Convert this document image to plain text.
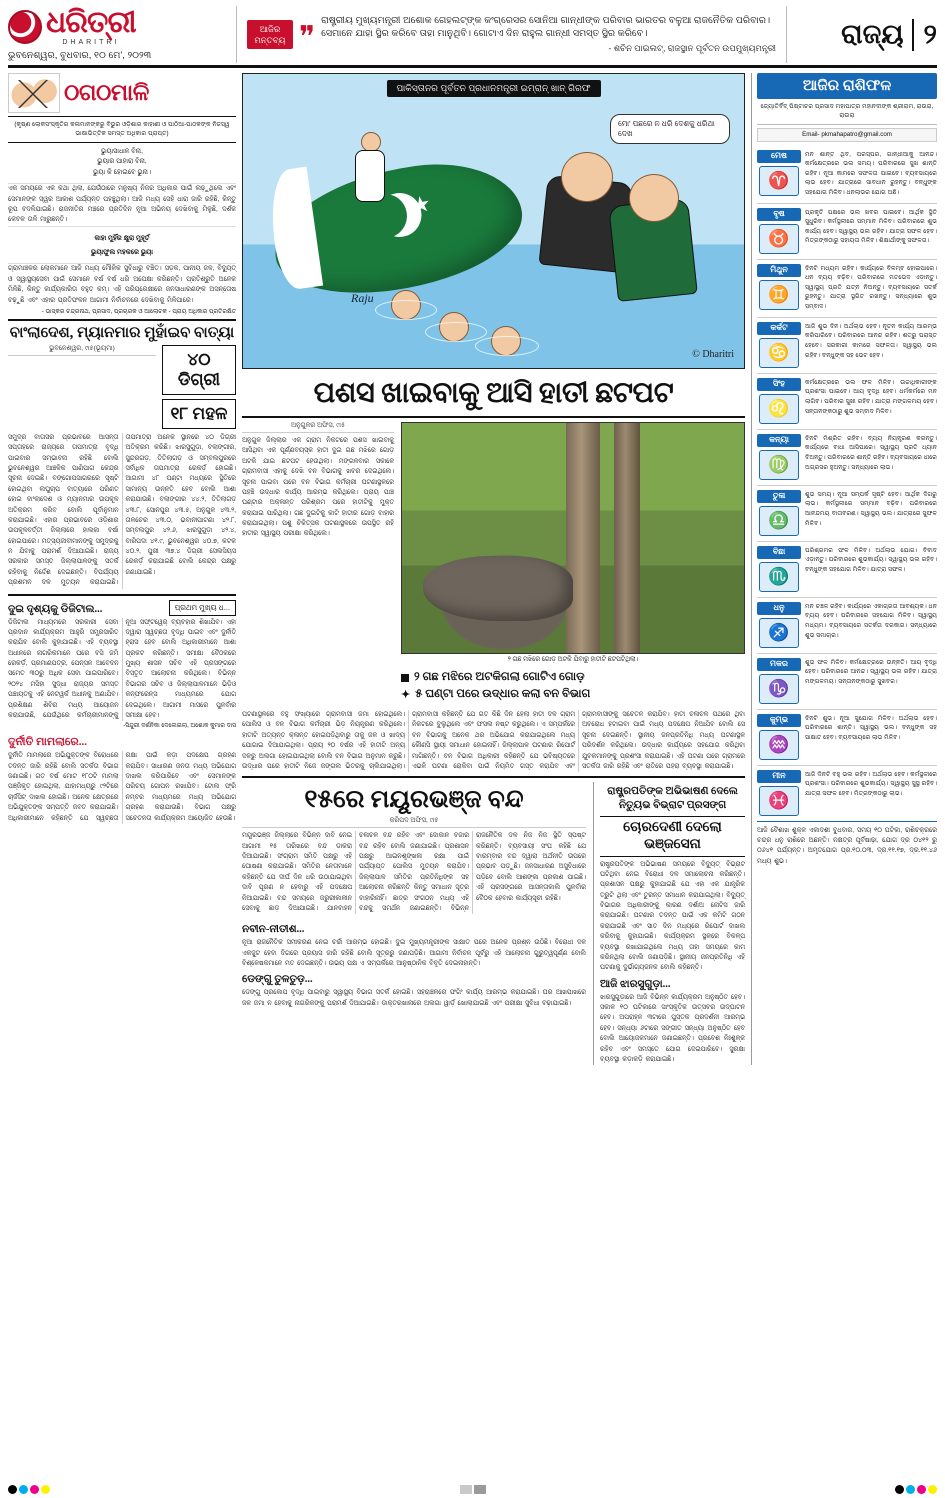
ଧରିତ୍ରୀ
DHARITRI
ଭୁବନେଶ୍ୱର, ବୁଧବାର, ୧୦ ମେ', ୨୦୨୩
ଆଜିର ମନ୍ତବ୍ୟ ❞
ରାଷ୍ଟ୍ରୀୟ ମୁଖ୍ୟମନ୍ତ୍ରୀ ଅଶୋକ ଗେହଲଟ୍‌ଙ୍କ କଂଗ୍ରେସର ସୋନିଆ ଗାନ୍ଧୀଙ୍କ ପରିବାର ଭାରତର ବଳୁଆ ରାଜନୈତିକ ପରିବାର। ସେମାନେ ଯାହା ସ୍ଥିର କରିବେ ତାହା ମାନୁଥିବି। ଗୋଟାଏ ଦିନ ରାହୁଲ ଗାନ୍ଧୀ ସମସ୍ତ ସ୍ଥିର କରିବେ।
- ଶଚିନ ପାଇଲଟ୍‌, ରାଜସ୍ଥାନ ପୂର୍ବତନ ଉପମୁଖ୍ୟମନ୍ତ୍ରୀ ରାଜ୍ୟ ୨
ଠଗଠମାଳି
(କୃଷ୍ଣ ଲୋକସଂସ୍କୃତିର କଳାମାନଙ୍କରୁ ବିଭୁର ଓଡ଼ିଶାର କାହାଣୀ ଓ ପାଠିଆ-ପାଠକଙ୍କ ନିଜସ୍ୱ ଭାଷାଭିତ୍ତିକ ସମସ୍ତ ଅଧିକାର ପ୍ରାପ୍ତ)
ଭୁୟାସାଧାନ ବିନା,
ଭୁୟାର ପାହାରା ବିନା,
ଭୁୟା କି ହୋଇବେ ଭୁନା।
ଏକ ସମୟରେ ଏକ କଥା ଥିଲା, ଯେଉଁଠାରେ ମନୁଷ୍ୟ ନିଜର ଅଧିକାର ପାଇଁ ଲଢ଼ୁଥିଲେ ଏବଂ ସେମାନଙ୍କ ସ୍ୱର ଆକାଶ ପର୍ଯ୍ୟନ୍ତ ପହଞ୍ଚୁଥିଲା। ଆଜି ମଧ୍ୟ ସେହି ଧାରା ଜାରି ରହିଛି, କିନ୍ତୁ ରୂପ ବଦଳିଯାଇଛି। ରାଜନୀତିର ମଞ୍ଚରେ ପ୍ରତିଦିନ ନୂଆ ଅଭିନୟ ଦେଖିବାକୁ ମିଳୁଛି, ଦର୍ଶକ କେବଳ ତାଳି ମାରୁଛନ୍ତି।
କାହା ମୁହିଁର କ୍ଷୁରା ମୁହୂର୍ତ
ଭୁୟାଫୁଲ ମହକରେ ଭୁୟା
ଗ୍ରାମାଞ୍ଚଳର ଲୋକମାନେ ଆଜି ମଧ୍ୟ ମୌଳିକ ସୁବିଧାରୁ ବଞ୍ଚିତ। ସଡ଼କ, ପାନୀୟ ଜଳ, ବିଦ୍ୟୁତ୍‌ ଓ ସ୍ୱାସ୍ଥ୍ୟସେବା ପାଇଁ ସେମାନେ ବର୍ଷ ବର୍ଷ ଧରି ଅପେକ୍ଷା କରିଛନ୍ତି। ପ୍ରତିଶ୍ରୁତି ଅନେକ ମିଳିଛି, କିନ୍ତୁ କାର୍ଯ୍ୟକାରିତା ବହୁତ କମ୍‌। ଏହି ପରିପ୍ରେକ୍ଷୀରେ ଜନସାଧାରଣଙ୍କ ଅସନ୍ତୋଷ ବଢ଼ୁଛି ଏବଂ ଏହାର ପ୍ରତିଫଳନ ଆଗାମୀ ନିର୍ବାଚନରେ ଦେଖିବାକୁ ମିଳିପାରେ।
- ଭାସ୍କର ଚନ୍ଦ୍ରନାଥ, ପ୍ରସାଦ, ପ୍ରଚାରକ ଓ ଆଲୋଚକ - ପ୍ରାୟ ଅଧିକାର ପ୍ରତିରକ୍ଷିତ
ବାଂଲାଦେଶ, ମ୍ୟାନମାର ମୁହାଁଇବ ବାତ୍ୟା
ଭୁବନେଶ୍ୱର, ୯ା୫(ଭୂୟମା)
୪୦ ଡିଗ୍ରୀ
୧୮ ମହଳ
ସମୁଦ୍ର ବାତାସର ପ୍ରଭାବରେ ଆସନ୍ତା ସପ୍ତାହରେ ରାଜ୍ୟରେ ତାପମାତ୍ରା ବୃଦ୍ଧି ପାଇବାର ସମ୍ଭାବନା ରହିଛି ବୋଲି ଭୁବନେଶ୍ୱର ଆଞ୍ଚଳିକ ପାଣିପାଗ କେନ୍ଦ୍ର ସୂଚନା ଦେଇଛି। ବଙ୍ଗୋପସାଗରରେ ସୃଷ୍ଟି ହୋଇଥିବା ଲଘୁଚାପ ବାତ୍ୟାରେ ପରିଣତ ହୋଇ ବାଂଲାଦେଶ ଓ ମ୍ୟାନମାର ଉପକୂଳ ଅତିକ୍ରମ କରିବ ବୋଲି ପୂର୍ବାନୁମାନ କରାଯାଇଛି। ଏହାର ପ୍ରଭାବରେ ଓଡ଼ିଶାର ଉପକୂଳବର୍ତ୍ତୀ ଜିଲ୍ଲାରେ ହାଲକା ବର୍ଷା ହୋଇପାରେ। ମତ୍ସ୍ୟଜୀବୀମାନଙ୍କୁ ସମୁଦ୍ରକୁ ନ ଯିବାକୁ ପରାମର୍ଶ ଦିଆଯାଇଛି। ରାଜ୍ୟ ସରକାର ସମସ୍ତ ଜିଲ୍ଲାପାଳଙ୍କୁ ସତର୍କ ରହିବାକୁ ନିର୍ଦ୍ଦେଶ ଦେଇଛନ୍ତି। ବିପର୍ଯ୍ୟୟ ପ୍ରଶମନ ଦଳ ମୁତୟନ କରାଯାଇଛି। ତାପମାତ୍ରା ଅନେକ ସ୍ଥାନରେ ୪୦ ଡିଗ୍ରୀ ଅତିକ୍ରମ କରିଛି। ଝାରସୁଗୁଡ଼ା, ବଲାଙ୍ଗୀର, ସୁନ୍ଦରଗଡ଼, ତିତିଲାଗଡ଼ ଓ ସମ୍ବଲପୁରରେ ସର୍ବାଧିକ ତାପମାତ୍ରା ରେକର୍ଡ଼ ହୋଇଛି। ଆଗାମୀ ୪୮ ଘଣ୍ଟା ମଧ୍ୟରେ ସ୍ଥିତିରେ ସାମାନ୍ୟ ଉନ୍ନତି ହେବ ବୋଲି ଆଶା କରାଯାଉଛି। ବଲାଙ୍ଗୀର ୪୪.୨, ତିତିଲାଗଡ଼ ୪୩.୮, ସୋନପୁର ୪୩.୫, ଅନୁଗୁଳ ୪୩.୨, ତାଳଚେର ୪୩.୦, ଭବାନୀପାଟଣା ୪୨.୮, ସମ୍ବଲପୁର ୪୨.୬, ଝାରସୁଗୁଡ଼ା ୪୨.୪, ବାରିପଦା ୪୧.୯, ଭୁବନେଶ୍ୱର ୪୦.୭, କଟକ ୪୦.୨, ପୁରୀ ୩୭.୪ ଡିଗ୍ରୀ ସେଲସିୟସ ରେକର୍ଡ଼ କରାଯାଇଛି ବୋଲି କେନ୍ଦ୍ର ପକ୍ଷରୁ ଜଣାଯାଇଛି।
ଦୁଇ ଦୃଶ୍ୟକୁ ଡିଜିଟାଲ...	ପ୍ରଥମ ମୁଖ୍ୟ ଧ...
ଡିଜିଟାଲ ମାଧ୍ୟମରେ ସରକାରୀ ସେବା ପ୍ରଦାନ କାର୍ଯ୍ୟକ୍ରମ ଆହୁରି ସମ୍ପ୍ରସାରିତ କରାଯିବ ବୋଲି କୁହାଯାଇଛି। ଏହି ବ୍ୟବସ୍ଥା ଅଧୀନରେ ନାଗରିକମାନେ ଘରେ ବସି ଜମି ରେକର୍ଡ଼, ପ୍ରମାଣପତ୍ର, ପେନ୍‌ସନ ଆବେଦନ ସମେତ ୩୦ରୁ ଅଧିକ ସେବା ପାଇପାରିବେ। ୨୦୨୪ ମସିହା ସୁଦ୍ଧା ରାଜ୍ୟର ସମସ୍ତ ପଞ୍ଚାୟତକୁ ଏହି ନେଟୱର୍କ ଅଧୀନକୁ ଅଣାଯିବ। ପ୍ରଶିକ୍ଷଣ ଶିବିର ମଧ୍ୟ ଆୟୋଜନ କରାଯାଉଛି, ଯେଉଁଥିରେ କର୍ମଚାରୀମାନଙ୍କୁ ନୂଆ ସଫ୍ଟୱେର୍ ବ୍ୟବହାର ଶିଖାଯିବ। ଏହା ଦ୍ୱାରା ସ୍ୱଚ୍ଛତା ବୃଦ୍ଧି ପାଇବ ଏବଂ ଦୁର୍ନୀତି ହ୍ରାସ ହେବ ବୋଲି ଅଧିକାରୀମାନେ ଆଶା ପ୍ରକଟ କରିଛନ୍ତି। ସମୀକ୍ଷା ବୈଠକରେ ମୁଖ୍ୟ ଶାସନ ସଚିବ ଏହି ପ୍ରସଙ୍ଗରେ ବିସ୍ତୃତ ଆଲୋଚନା କରିଥିଲେ। ବିଭିନ୍ନ ବିଭାଗର ସଚିବ ଓ ଜିଲ୍ଲାପାଳମାନେ ଭିଡ଼ିଓ କନ୍‌ଫରେନ୍‌ସ ମାଧ୍ୟମରେ ଯୋଗ ଦେଇଥିଲେ। ଆଗାମୀ ମାସରେ ପୁନର୍ବାର ସମୀକ୍ଷା ହେବ।
-ସିନ୍ଦୁରୀ ଦର୍ଶନିକା ଦେଲେଇଲା, ଅଶୋକ କୁମାର ଦାସ
ଦୁର୍ନୀତି ମାମଲାରେ...
ଦୁର୍ନୀତି ମାମଲାରେ ଅଭିଯୁକ୍ତଙ୍କ ବିରୋଧରେ ତଦନ୍ତ ଜାରି ରହିଛି ବୋଲି ସତର୍କତା ବିଭାଗ ଜଣାଇଛି। ଗତ ବର୍ଷ ମୋଟ ୧୮୦ଟି ମାମଲା ପଞ୍ଜିକୃତ ହୋଇଥିଲା, ଯାହାମଧ୍ୟରୁ ୯୨ଟିରେ ଚାର୍ଜସିଟ୍ ଦାଖଲ ହୋଇଛି। ଅନେକ କ୍ଷେତ୍ରରେ ଅଭିଯୁକ୍ତଙ୍କ ସମ୍ପତ୍ତି ଜବତ କରାଯାଇଛି। ଅଧିକାରୀମାନେ କହିଛନ୍ତି ଯେ ସ୍ୱଚ୍ଛତା ରକ୍ଷା ପାଇଁ କଡ଼ା ପଦକ୍ଷେପ ଗ୍ରହଣ କରାଯିବ। ସାଧାରଣ ଜନତା ମଧ୍ୟ ଅଭିଯୋଗ ଦାଖଲ କରିପାରିବେ ଏବଂ ସେମାନଙ୍କ ପରିଚୟ ଗୋପନ ରଖାଯିବ। ଟୋଲ ଫ୍ରି ନମ୍ବର ମାଧ୍ୟମରେ ମଧ୍ୟ ଅଭିଯୋଗ ଗ୍ରହଣ କରାଯାଉଛି। ବିଭାଗ ପକ୍ଷରୁ ସଚେତନତା କାର୍ଯ୍ୟକ୍ରମ ଆୟୋଜିତ ହେଉଛି।
ପାକିସ୍ତାନର ପୂର୍ବତନ ପ୍ରଧାନମନ୍ତ୍ରୀ ଇମ୍ରାନ୍‌ ଖାନ୍‌ ଗିରଫ
ମୋ' ପଛରେ ନ ଧରି ଦେଶକୁ ଧରିଥା ଦେଖ
★
Raju
© Dharitri
ପଶସ ଖାଇବାକୁ ଆସି ହାତୀ ଛଟପଟ
ଅନୁଗୁଳର ଅଫିସ, ୯ା୫
ଅନୁଗୁଳ ଜିଲ୍ଲାର ଏକ ଗ୍ରାମ ନିକଟରେ ପଶସ ଖାଇବାକୁ ଆସିଥିବା ଏକ ପୂର୍ଣ୍ଣବୟସ୍କ ହାତୀ ଦୁଇ ଗଛ ମଝିରେ ଗୋଡ଼ ଅଟକି ଯାଇ ଛଟପଟ ହେଉଥିଲା। ମଙ୍ଗଳବାର ସକାଳେ ଗ୍ରାମବାସୀ ଏହାକୁ ଦେଖି ବନ ବିଭାଗକୁ ଖବର ଦେଇଥିଲେ। ସୂଚନା ପାଇବା ପରେ ବନ ବିଭାଗ କର୍ମଚାରୀ ଘଟଣାସ୍ଥଳରେ ପହଞ୍ଚି ଉଦ୍ଧାର କାର୍ଯ୍ୟ ଆରମ୍ଭ କରିଥିଲେ। ପ୍ରାୟ ପାଞ୍ଚ ଘଣ୍ଟାର ଅକ୍ଳାନ୍ତ ପରିଶ୍ରମ ପରେ ହାତୀଟିକୁ ମୁକ୍ତ କରାଯାଇ ପାରିଥିଲା। ଗଛ ଦୁଇଟିକୁ କାଟି ହାତୀର ଗୋଡ଼ ବାହାର କରାଯାଇଥିଲା। ପଶୁ ଚିକିତ୍ସକ ଘଟଣାସ୍ଥଳରେ ଉପସ୍ଥିତ ରହି ହାତୀର ସ୍ୱାସ୍ଥ୍ୟ ପରୀକ୍ଷା କରିଥିଲେ।
୨ ଗଛ ମଝିରେ ଗୋଡ଼ ଅଟକି ଯିବାରୁ ହାତୀଟି ଛଟପଟିଥିଲା।
୨ ଗଛ ମଝିରେ ଅଟକିଗଲା ଗୋଟିଏ ଗୋଡ଼
✦ ୫ ଘଣ୍ଟା ପରେ ଉଦ୍ଧାର କଲା ବନ ବିଭାଗ
ଘଟଣାସ୍ଥଳରେ ବହୁ ସଂଖ୍ୟାରେ ଗ୍ରାମବାସୀ ଜମା ହୋଇଥିଲେ। ପୋଲିସ ଓ ବନ ବିଭାଗ କର୍ମଚାରୀ ଭିଡ଼ ନିୟନ୍ତ୍ରଣ କରିଥିଲେ। ହାତୀଟି ଅତ୍ୟନ୍ତ କ୍ଳାନ୍ତ ହୋଇପଡ଼ିଥିବାରୁ ତାକୁ ଜଳ ଓ ଖାଦ୍ୟ ଯୋଗାଇ ଦିଆଯାଇଥିଲା। ପ୍ରାୟ ୨୦ ବର୍ଷର ଏହି ହାତୀଟି ଅନ୍ୟ ଦଳରୁ ଅଲଗା ହୋଇଯାଇଥିଲା ବୋଲି ବନ ବିଭାଗ ଅନୁମାନ କରୁଛି। ଉଦ୍ଧାର ପରେ ହାତୀଟି ନିଜେ ଜଙ୍ଗଲ ଭିତରକୁ ଚାଲିଯାଇଥିଲା। ଗ୍ରାମବାସୀ କହିଛନ୍ତି ଯେ ଗତ କିଛି ଦିନ ହେଲା ହାତୀ ଦଳ ଗ୍ରାମ ନିକଟରେ ବୁଲୁଥିଲେ ଏବଂ ଫସଲ ନଷ୍ଟ କରୁଥିଲେ। ଏ ସମ୍ପର୍କରେ ବନ ବିଭାଗକୁ ଅନେକ ଥର ଅଭିଯୋଗ କରାଯାଇଥିଲେ ମଧ୍ୟ କୌଣସି ସ୍ଥାୟୀ ସମାଧାନ ହୋଇନାହିଁ। ଜିଲ୍ଲାପାଳ ଘଟଣାର ରିପୋର୍ଟ ମାଗିଛନ୍ତି। ବନ ବିଭାଗ ଅଧିକାରୀ କହିଛନ୍ତି ଯେ ଭବିଷ୍ୟତରେ ଏଭଳି ଘଟଣା ରୋକିବା ପାଇଁ ନିୟମିତ ଗସ୍ତ କରାଯିବ ଏବଂ ଗ୍ରାମବାସୀଙ୍କୁ ସଚେତନ କରାଯିବ। ହାତୀ ଚଳାଚଳ ପଥରେ ଥିବା ଅବରୋଧ ହଟାଇବା ପାଇଁ ମଧ୍ୟ ପଦକ୍ଷେପ ନିଆଯିବ ବୋଲି ସେ ସୂଚନା ଦେଇଛନ୍ତି। ସ୍ଥାନୀୟ ଜନପ୍ରତିନିଧି ମଧ୍ୟ ଘଟଣାସ୍ଥଳ ପରିଦର୍ଶନ କରିଥିଲେ। ଉଦ୍ଧାର କାର୍ଯ୍ୟରେ ସହଯୋଗ କରିଥିବା ଯୁବକମାନଙ୍କୁ ପ୍ରଶଂସା କରାଯାଇଛି। ଏହି ଘଟଣା ପରେ ଗ୍ରାମରେ ସତର୍କତା ଜାରି ରହିଛି ଏବଂ ରାତିରେ ପହରା ବ୍ୟବସ୍ଥା କରାଯାଇଛି।
୧୫ରେ ମୟୂରଭଞ୍ଜ ବନ୍ଦ
କରିପଦ ଅଫିସ, ୯ା୫
ମୟୂରଭଞ୍ଜ ଜିଲ୍ଲାରେ ବିଭିନ୍ନ ଦାବି ନେଇ ଆଗାମୀ ୧୫ ତାରିଖରେ ବନ୍ଦ ଡାକରା ଦିଆଯାଇଛି। ସଂଗ୍ରାମ ସମିତି ପକ୍ଷରୁ ଏହି ଘୋଷଣା କରାଯାଇଛି। ସମିତିର ନେତାମାନେ କହିଛନ୍ତି ଯେ ଦୀର୍ଘ ଦିନ ଧରି ଉଠାଯାଇଥିବା ଦାବି ପୂରଣ ନ ହେବାରୁ ଏହି ପଦକ୍ଷେପ ନିଆଯାଇଛି। ବନ୍ଦ ସମୟରେ ଜରୁରୀକାଳୀନ ସେବାକୁ ଛାଡ଼ ଦିଆଯାଇଛି। ଯାନବାହନ ଚଳାଚଳ ବନ୍ଦ ରହିବ ଏବଂ ଦୋକାନ ବଜାର ବନ୍ଦ ରହିବ ବୋଲି ଜଣାଯାଇଛି। ପ୍ରଶାସନ ପକ୍ଷରୁ ଆଇନଶୃଙ୍ଖଳା ରକ୍ଷା ପାଇଁ ପର୍ଯ୍ୟାପ୍ତ ପୋଲିସ ମୁତୟନ କରାଯିବ। ଜିଲ୍ଲାପାଳ ସମିତିର ପ୍ରତିନିଧିଙ୍କ ସହ ଆଲୋଚନା କରିଛନ୍ତି କିନ୍ତୁ ସମାଧାନ ସୂତ୍ର ବାହାରିନାହିଁ। ଛାତ୍ର ସଂଗଠନ ମଧ୍ୟ ଏହି ବନ୍ଦକୁ ସମର୍ଥନ ଜଣାଇଛନ୍ତି। ବିଭିନ୍ନ ରାଜନୈତିକ ଦଳ ନିଜ ନିଜ ସ୍ଥିତି ସ୍ପଷ୍ଟ କରିଛନ୍ତି। ବ୍ୟବସାୟୀ ସଂଘ କହିଛି ଯେ ବାରମ୍ବାର ବନ୍ଦ ଦ୍ୱାରା ଅର୍ଥନୀତି ଉପରେ ପ୍ରଭାବ ପଡ଼ୁଛି। ଜନସାଧାରଣ ଅସୁବିଧାରେ ପଡ଼ିବେ ବୋଲି ଆଶଙ୍କା ପ୍ରକାଶ ପାଇଛି। ଏହି ପ୍ରସଙ୍ଗରେ ଆସନ୍ତାକାଲି ପୁନର୍ବାର ବୈଠକ ହେବାର କାର୍ଯ୍ୟସୂଚୀ ରହିଛି।
ନବୀନ-ନୀତୀଶ...
ନୂଆ ରାଜନୈତିକ ସମୀକରଣ ନେଇ ଚର୍ଚ୍ଚା ଆରମ୍ଭ ହୋଇଛି। ଦୁଇ ମୁଖ୍ୟମନ୍ତ୍ରୀଙ୍କ ସାକ୍ଷାତ ପରେ ଅନେକ ପ୍ରଶ୍ନ ଉଠିଛି। ବିରୋଧୀ ଦଳ ଏକଜୁଟ ହେବା ଦିଗରେ ପ୍ରୟାସ ଜାରି ରହିଛି ବୋଲି ସୂତ୍ରରୁ ଜଣାପଡ଼ିଛି। ଆଗାମୀ ନିର୍ବାଚନ ପୂର୍ବରୁ ଏହି ଆଲୋଚନା ଗୁରୁତ୍ୱପୂର୍ଣ୍ଣ ବୋଲି ବିଶ୍ଳେଷକମାନେ ମତ ଦେଇଛନ୍ତି। ଉଭୟ ପକ୍ଷ ଏ ସମ୍ପର୍କରେ ଆନୁଷ୍ଠାନିକ ବିବୃତି ଦେଇନାହାନ୍ତି।
ଡେଙ୍ଗୁ ତୁଳତୁଡ଼...
ଡେଙ୍ଗୁ ପ୍ରକୋପ ବୃଦ୍ଧି ପାଇବାରୁ ସ୍ୱାସ୍ଥ୍ୟ ବିଭାଗ ସତର୍କ ହୋଇଛି। ସହରାଞ୍ଚଳରେ ଫଗିଂ କାର୍ଯ୍ୟ ଆରମ୍ଭ କରାଯାଇଛି। ଘର ଆଖପାଖରେ ଜଳ ଜମା ନ ହେବାକୁ ନାଗରିକଙ୍କୁ ପରାମର୍ଶ ଦିଆଯାଇଛି। ଡାକ୍ତରଖାନାରେ ଅଲଗା ୱାର୍ଡ଼ ଖୋଲାଯାଇଛି ଏବଂ ପରୀକ୍ଷା ସୁବିଧା ବଢ଼ାଯାଇଛି।
ରାଷ୍ଟ୍ରପତିଙ୍କ ଅଭିଭାଷଣ ଦେଲେ ନିତ୍ୟୁଭ ବିଭ୍ରାଟ ପ୍ରସଙ୍ଗ
ଚୋରଦେଣୀ ଦେଲୋ ଭଞ୍ଜସେନା
ରାଷ୍ଟ୍ରପତିଙ୍କ ଅଭିଭାଷଣ ସମୟରେ ବିଦ୍ୟୁତ୍‌ ବିଭ୍ରାଟ ଘଟିଥିବା ନେଇ ବିରୋଧୀ ଦଳ ସମାଲୋଚନା କରିଛନ୍ତି। ପ୍ରଶାସନ ପକ୍ଷରୁ କୁହାଯାଇଛି ଯେ ଏହା ଏକ ଯାନ୍ତ୍ରିକ ତ୍ରୁଟି ଥିଲା ଏବଂ ତୁରନ୍ତ ସମାଧାନ କରାଯାଇଥିଲା। ବିଦ୍ୟୁତ୍‌ ବିଭାଗର ଅଧିକାରୀଙ୍କୁ କାରଣ ଦର୍ଶାଅ ନୋଟିସ ଜାରି କରାଯାଇଛି। ଘଟଣାର ତଦନ୍ତ ପାଇଁ ଏକ କମିଟି ଗଠନ କରାଯାଇଛି ଏବଂ ସାତ ଦିନ ମଧ୍ୟରେ ରିପୋର୍ଟ ଦାଖଲ କରିବାକୁ କୁହାଯାଇଛି। କାର୍ଯ୍ୟକ୍ରମ ସ୍ଥଳରେ ବିକଳ୍ପ ବ୍ୟବସ୍ଥା ରଖାଯାଇଥିଲେ ମଧ୍ୟ ତାହା ସମୟରେ କାମ କରିନଥିଲା ବୋଲି ଜଣାପଡ଼ିଛି। ସ୍ଥାନୀୟ ଜନପ୍ରତିନିଧି ଏହି ଘଟଣାକୁ ଦୁର୍ଭାଗ୍ୟଜନକ ବୋଲି କହିଛନ୍ତି।
ଆଜି ଝାରସୁଗୁଡ଼ା...
ଝାରସୁଗୁଡ଼ାରେ ଆଜି ବିଭିନ୍ନ କାର୍ଯ୍ୟକ୍ରମ ଅନୁଷ୍ଠିତ ହେବ। ସକାଳ ୧୦ ଘଟିକାରେ ସାଂସ୍କୃତିକ ଉତ୍ସବର ଉଦ୍‌ଘାଟନ ହେବ। ଅପରାହ୍ନ ୩ଟାରେ ପୁସ୍ତକ ପ୍ରଦର୍ଶନୀ ଆରମ୍ଭ ହେବ। ସନ୍ଧ୍ୟା ୬ଟାରେ ସଙ୍ଗୀତ ସନ୍ଧ୍ୟା ଅନୁଷ୍ଠିତ ହେବ ବୋଲି ଆୟୋଜକମାନେ ଜଣାଇଛନ୍ତି। ପ୍ରବେଶ ନିଃଶୁଳ୍କ ରହିବ ଏବଂ ସମସ୍ତେ ଯୋଗ ଦେଇପାରିବେ। ସୁରକ୍ଷା ବ୍ୟବସ୍ଥା କଡ଼ାକଡ଼ି କରାଯାଇଛି।
ଆଜିର ରାଶିଫଳ
ଜ୍ୟୋତିର୍ବିଦ୍‌ ପିଷ୍ଟାଚର ପ୍ରସାଦ ମହାପାତ୍ର ମହାନଦୀଙ୍କ ଶ୍ରୀରାମ, ରାଉରା, ରାଉରା
Email- pkmahapatro@gmail.com
ମେଷ
♈
ମନ ଶାନ୍ତ ଥିବ, ପରସ୍ପର, ଗାନ୍ଧୀଆକୁ ଆନନ୍ଦ। କର୍ମକ୍ଷେତ୍ରରେ ଭଲ ସମୟ। ପରିବାରରେ ସୁଖ ଶାନ୍ତି ରହିବ। ନୂଆ କାମରେ ସଫଳତା ପାଇବେ। ବ୍ୟବସାୟରେ ଲାଭ ହେବ। ଯାତ୍ରାରେ ସାବଧାନ ରୁହନ୍ତୁ। ବନ୍ଧୁଙ୍କ ସହଯୋଗ ମିଳିବ। ଧନଲାଭର ଯୋଗ ଅଛି।
ବୃଷ
♉
ପ୍ରକୃତି ପକ୍ଷରେ ଭଲ ଖବର ପାଇବେ। ଆର୍ଥିକ ସ୍ଥିତି ସୁଧୁରିବ। କର୍ମସ୍ଥଳୀରେ ସମ୍ମାନ ମିଳିବ। ପରିବାରରେ ଶୁଭ କାର୍ଯ୍ୟ ହେବ। ସ୍ୱାସ୍ଥ୍ୟ ଭଲ ରହିବ। ଯାତ୍ରା ସଫଳ ହେବ। ମିତ୍ରଙ୍କଠାରୁ ସହାୟତା ମିଳିବ। ଶିକ୍ଷାର୍ଥୀଙ୍କୁ ସଫଳତା।
ମିଥୁନ
♊
ଦିନଟି ମଧ୍ୟମ ରହିବ। କାର୍ଯ୍ୟରେ ବିଳମ୍ବ ହୋଇପାରେ। ଧନ ବ୍ୟୟ ବଢ଼ିବ। ପରିବାରରେ ମତଭେଦ ଏଡ଼ାନ୍ତୁ। ସ୍ୱାସ୍ଥ୍ୟ ପ୍ରତି ଯତ୍ନ ନିଅନ୍ତୁ। ବ୍ୟବସାୟରେ ସତର୍କ ରୁହନ୍ତୁ। ଯାତ୍ରା ସ୍ଥଗିତ ରଖନ୍ତୁ। ସନ୍ଧ୍ୟାରେ ଶୁଭ ସମ୍ବାଦ।
କର୍କଟ
♋
ଆଜି ଶୁଭ ଦିନ। ଅର୍ଥଲାଭ ହେବ। ନୂତନ କାର୍ଯ୍ୟ ଆରମ୍ଭ କରିପାରିବେ। ପରିବାରରେ ଆନନ୍ଦ ରହିବ। ଶତ୍ରୁ ପରାସ୍ତ ହେବେ। ସରକାରୀ କାମରେ ସଫଳତା। ସ୍ୱାସ୍ଥ୍ୟ ଭଲ ରହିବ। ବନ୍ଧୁଙ୍କ ସହ ଭେଟ ହେବ।
ସିଂହ
♌
କର୍ମକ୍ଷେତ୍ରରେ ଭଲ ଫଳ ମିଳିବ। ଉଚ୍ଚାଧିକାରୀଙ୍କ ପ୍ରଶଂସା ପାଇବେ। ଆୟ ବୃଦ୍ଧି ହେବ। ଧର୍ମକର୍ମରେ ମନ ଲାଗିବ। ପରିବାର ସୁଖୀ ରହିବ। ଯାତ୍ରା ମଙ୍ଗଳମୟ ହେବ। ସନ୍ତାନଙ୍କଠାରୁ ଶୁଭ ସମ୍ବାଦ ମିଳିବ।
କନ୍ୟା
♍
ଦିନଟି ମିଶ୍ରିତ ରହିବ। ବ୍ୟୟ ନିୟନ୍ତ୍ରଣ କରନ୍ତୁ। କାର୍ଯ୍ୟରେ ବାଧା ଆସିପାରେ। ସ୍ୱାସ୍ଥ୍ୟ ପ୍ରତି ଧ୍ୟାନ ଦିଅନ୍ତୁ। ପରିବାରରେ ଶାନ୍ତି ରହିବ। ବ୍ୟବସାୟରେ ଧୀରେ ଅଗ୍ରସର ହୁଅନ୍ତୁ। ସନ୍ଧ୍ୟାରେ ଲାଭ।
ତୁଳା
♎
ଶୁଭ ସମୟ। ନୂଆ ସମ୍ପର୍କ ସୃଷ୍ଟି ହେବ। ଆର୍ଥିକ ଦିଗରୁ ଲାଭ। କର୍ମସ୍ଥଳୀରେ ସମ୍ମାନ ବଢ଼ିବ। ପରିବାରରେ ଆନନ୍ଦମୟ ବାତାବରଣ। ସ୍ୱାସ୍ଥ୍ୟ ଭଲ। ଯାତ୍ରାରେ ସୁଫଳ ମିଳିବ।
ବିଛା
♏
ପରିଶ୍ରମର ଫଳ ମିଳିବ। ଅର୍ଥଲାଭ ଯୋଗ। ବିବାଦ ଏଡ଼ାନ୍ତୁ। ପରିବାରରେ ଶୁଭକାର୍ଯ୍ୟ। ସ୍ୱାସ୍ଥ୍ୟ ଭଲ ରହିବ। ବନ୍ଧୁଙ୍କ ସହଯୋଗ ମିଳିବ। ଯାତ୍ରା ସଫଳ।
ଧନୁ
♐
ମନ ଚଞ୍ଚଳ ରହିବ। କାର୍ଯ୍ୟରେ ଏକାଗ୍ରତା ଆବଶ୍ୟକ। ଧନ ବ୍ୟୟ ହେବ। ପରିବାରରେ ସହଯୋଗ ମିଳିବ। ସ୍ୱାସ୍ଥ୍ୟ ମଧ୍ୟମ। ବ୍ୟବସାୟରେ ସତର୍କତା ଦରକାର। ସନ୍ଧ୍ୟାରେ ଶୁଭ ସମାଚାର।
ମକର
♑
ଶୁଭ ଫଳ ମିଳିବ। କର୍ମକ୍ଷେତ୍ରରେ ଉନ୍ନତି। ଆୟ ବୃଦ୍ଧି ହେବ। ପରିବାରରେ ଆନନ୍ଦ। ସ୍ୱାସ୍ଥ୍ୟ ଭଲ ରହିବ। ଯାତ୍ରା ମଙ୍ଗଳମୟ। ସନ୍ତାନଙ୍କଠାରୁ ସୁଖବର।
କୁମ୍ଭ
♒
ଦିନଟି ଶୁଭ। ନୂଆ ସୁଯୋଗ ମିଳିବ। ଅର୍ଥଲାଭ ହେବ। ପରିବାରରେ ଶାନ୍ତି। ସ୍ୱାସ୍ଥ୍ୟ ଭଲ। ବନ୍ଧୁଙ୍କ ସହ ସାକ୍ଷାତ ହେବ। ବ୍ୟବସାୟରେ ଲାଭ ମିଳିବ।
ମୀନ
♓
ଆଜି ଦିନଟି ବହୁ ଭଲ ରହିବ। ଅର୍ଥଲାଭ ହେବ। କର୍ମସ୍ଥଳୀରେ ପ୍ରଶଂସା। ପରିବାରରେ ଶୁଭକାର୍ଯ୍ୟ। ସ୍ୱାସ୍ଥ୍ୟ ସୁସ୍ଥ ରହିବ। ଯାତ୍ରା ସଫଳ ହେବ। ମିତ୍ରଙ୍କଠାରୁ ଲାଭ।
ଆଜି ବୈଶାଖ ଶୁକ୍ଳ ଏକାଦଶୀ ବୁଧବାର, ସମୟ ୧୦ ଘଟିକା, ରାଶିଚକ୍ରରେ ଚନ୍ଦ୍ର ଧନୁ ରାଶିରେ ଅଛନ୍ତି। ନକ୍ଷତ୍ର ପୂର୍ବଷାଢ଼ା, ଯୋଗ ଦ୍ର ୦୪୧୨ ରୁ ୦୬୪୧ ପର୍ଯ୍ୟନ୍ତ। ଅମୃତଯୋଗ ପ୍ର.୧୦.୦୩, ଦ୍ର.୧୧.୧୭, ଦ୍ର.୧୧.୪୬ ମଧ୍ୟ ଶୁଭ।
